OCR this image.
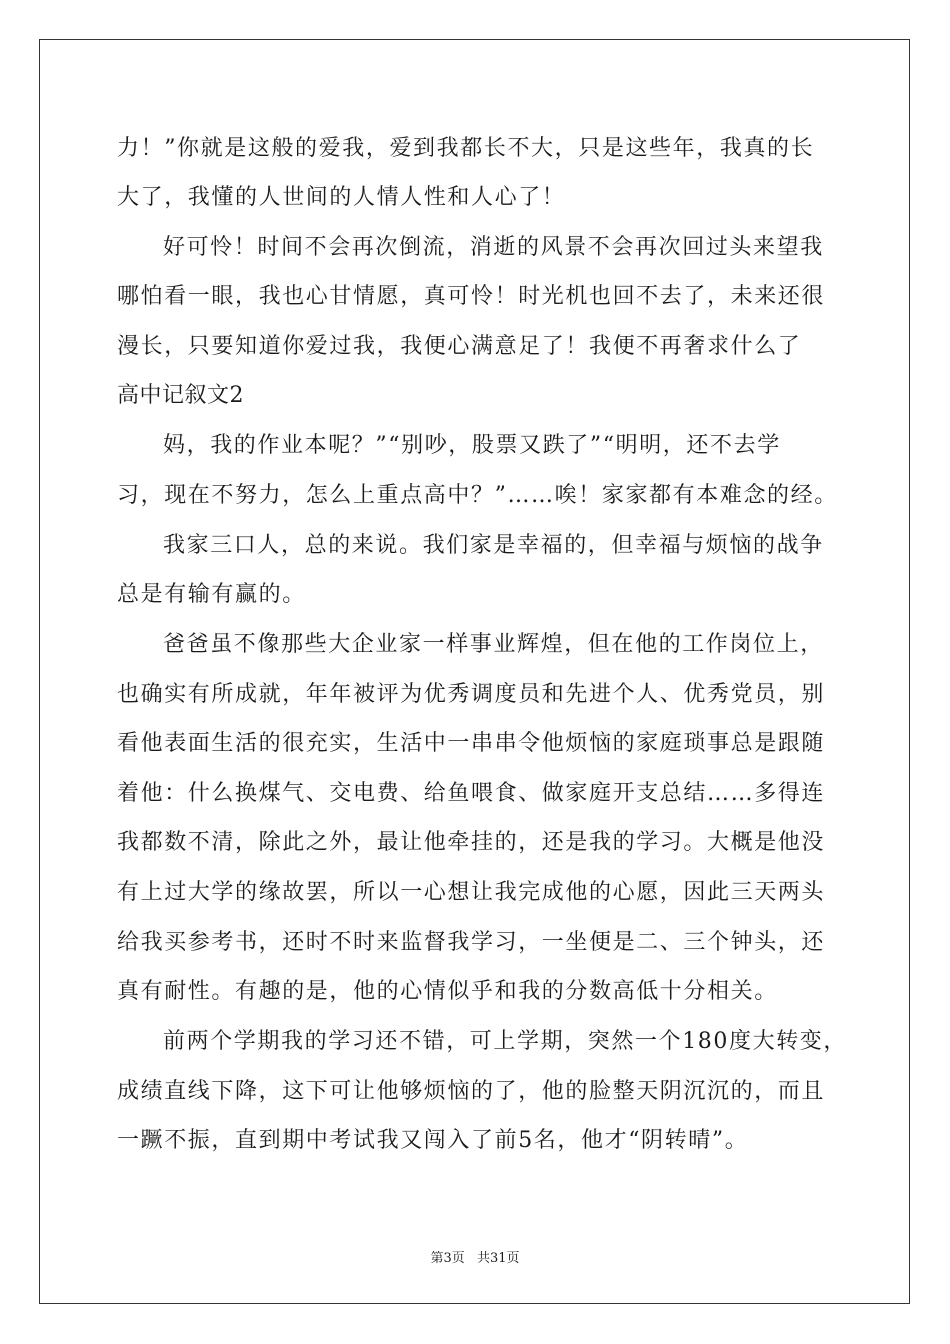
力！”你就是这般的爱我，爱到我都长不大，只是这些年，我真的长
大了，我懂的人世间的人情人性和人心了！
好可怜！时间不会再次倒流，消逝的风景不会再次回过头来望我
哪怕看一眼，我也心甘情愿，真可怜！时光机也回不去了，未来还很
漫长，只要知道你爱过我，我便心满意足了！我便不再奢求什么了
高中记叙文2
妈，我的作业本呢？”“别吵，股票又跌了”“明明，还不去学
习，现在不努力，怎么上重点高中？”……唉！家家都有本难念的经。
我家三口人，总的来说。我们家是幸福的，但幸福与烦恼的战争
总是有输有赢的。
爸爸虽不像那些大企业家一样事业辉煌，但在他的工作岗位上，
也确实有所成就，年年被评为优秀调度员和先进个人、优秀党员，别
看他表面生活的很充实，生活中一串串令他烦恼的家庭琐事总是跟随
着他：什么换煤气、交电费、给鱼喂食、做家庭开支总结……多得连
我都数不清，除此之外，最让他牵挂的，还是我的学习。大概是他没
有上过大学的缘故罢，所以一心想让我完成他的心愿，因此三天两头
给我买参考书，还时不时来监督我学习，一坐便是二、三个钟头，还
真有耐性。有趣的是，他的心情似乎和我的分数高低十分相关。
前两个学期我的学习还不错，可上学期，突然一个180度大转变，
成绩直线下降，这下可让他够烦恼的了，他的脸整天阴沉沉的，而且
一蹶不振，直到期中考试我又闯入了前5名，他才“阴转晴”。
第3页 共31页
